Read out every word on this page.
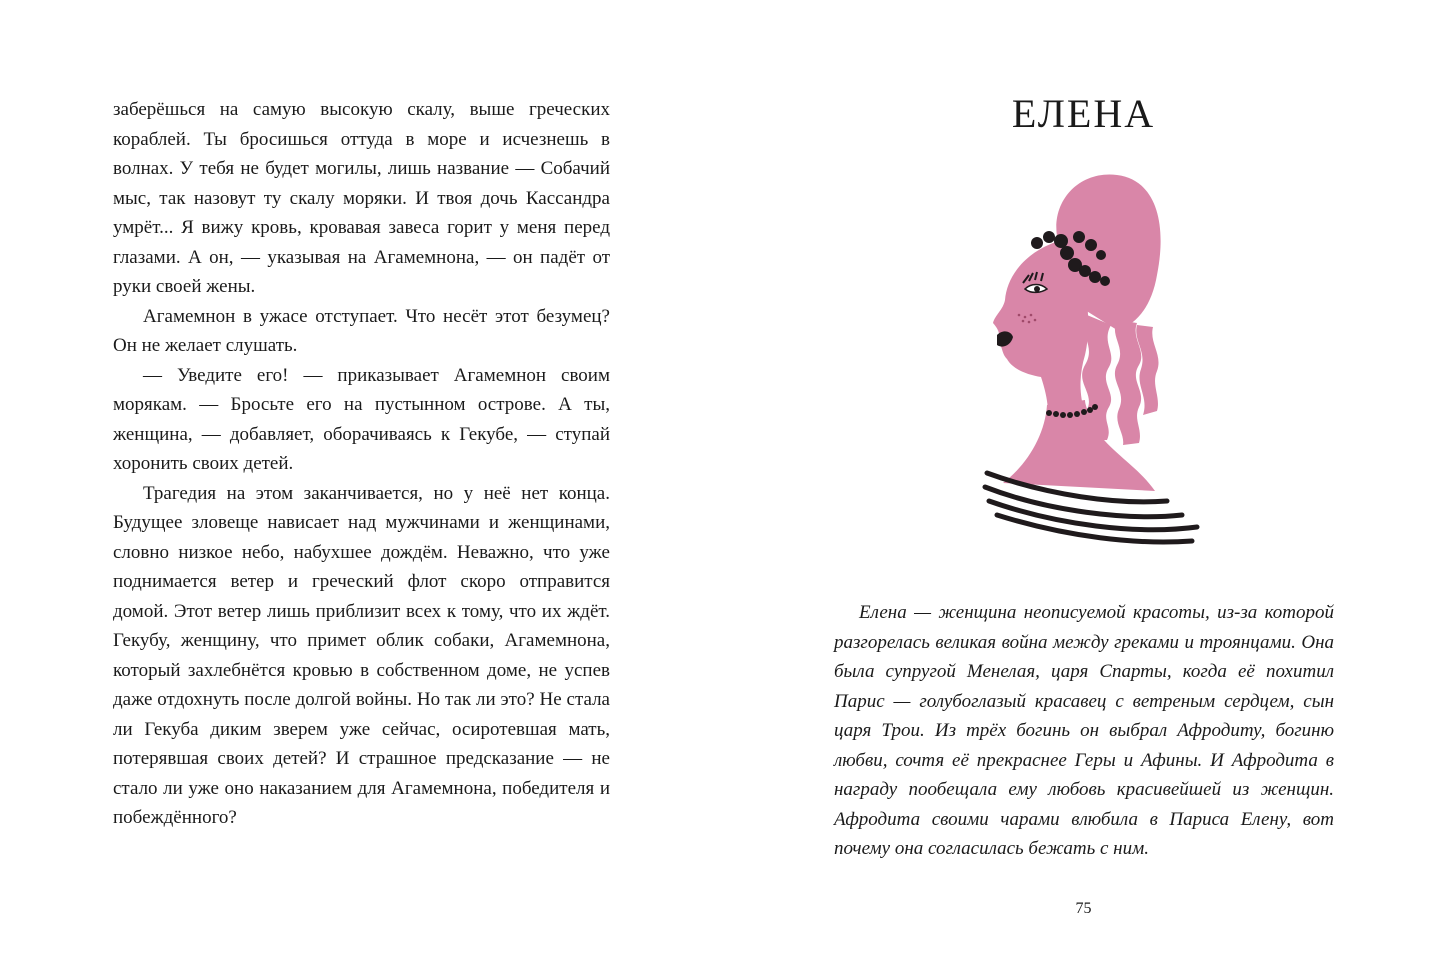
заберёшься на самую высокую скалу, выше греческих кораблей. Ты бросишься оттуда в море и исчезнешь в волнах. У тебя не будет могилы, лишь название — Собачий мыс, так назовут ту скалу моряки. И твоя дочь Кассандра умрёт... Я вижу кровь, кровавая завеса горит у меня перед глазами. А он, — указывая на Агамемнона, — он падёт от руки своей жены.

Агамемнон в ужасе отступает. Что несёт этот безумец? Он не желает слушать.

— Уведите его! — приказывает Агамемнон своим морякам. — Бросьте его на пустынном острове. А ты, женщина, — добавляет, оборачиваясь к Гекубе, — ступай хоронить своих детей.

Трагедия на этом заканчивается, но у неё нет конца. Будущее зловеще нависает над мужчинами и женщинами, словно низкое небо, набухшее дождём. Неважно, что уже поднимается ветер и греческий флот скоро отправится домой. Этот ветер лишь приблизит всех к тому, что их ждёт. Гекубу, женщину, что примет облик собаки, Агамемнона, который захлебнётся кровью в собственном доме, не успев даже отдохнуть после долгой войны. Но так ли это? Не стала ли Гекуба диким зверем уже сейчас, осиротевшая мать, потерявшая своих детей? И страшное предсказание — не стало ли уже оно наказанием для Агамемнона, победителя и побеждённого?

ЕЛЕНА

Елена — женщина неописуемой красоты, из-за которой разгорелась великая война между греками и троянцами. Она была супругой Менелая, царя Спарты, когда её похитил Парис — голубоглазый красавец с ветреным сердцем, сын царя Трои. Из трёх богинь он выбрал Афродиту, богиню любви, сочтя её прекраснее Геры и Афины. И Афродита в награду пообещала ему любовь красивейшей из женщин. Афродита своими чарами влюбила в Париса Елену, вот почему она согласилась бежать с ним.

75
